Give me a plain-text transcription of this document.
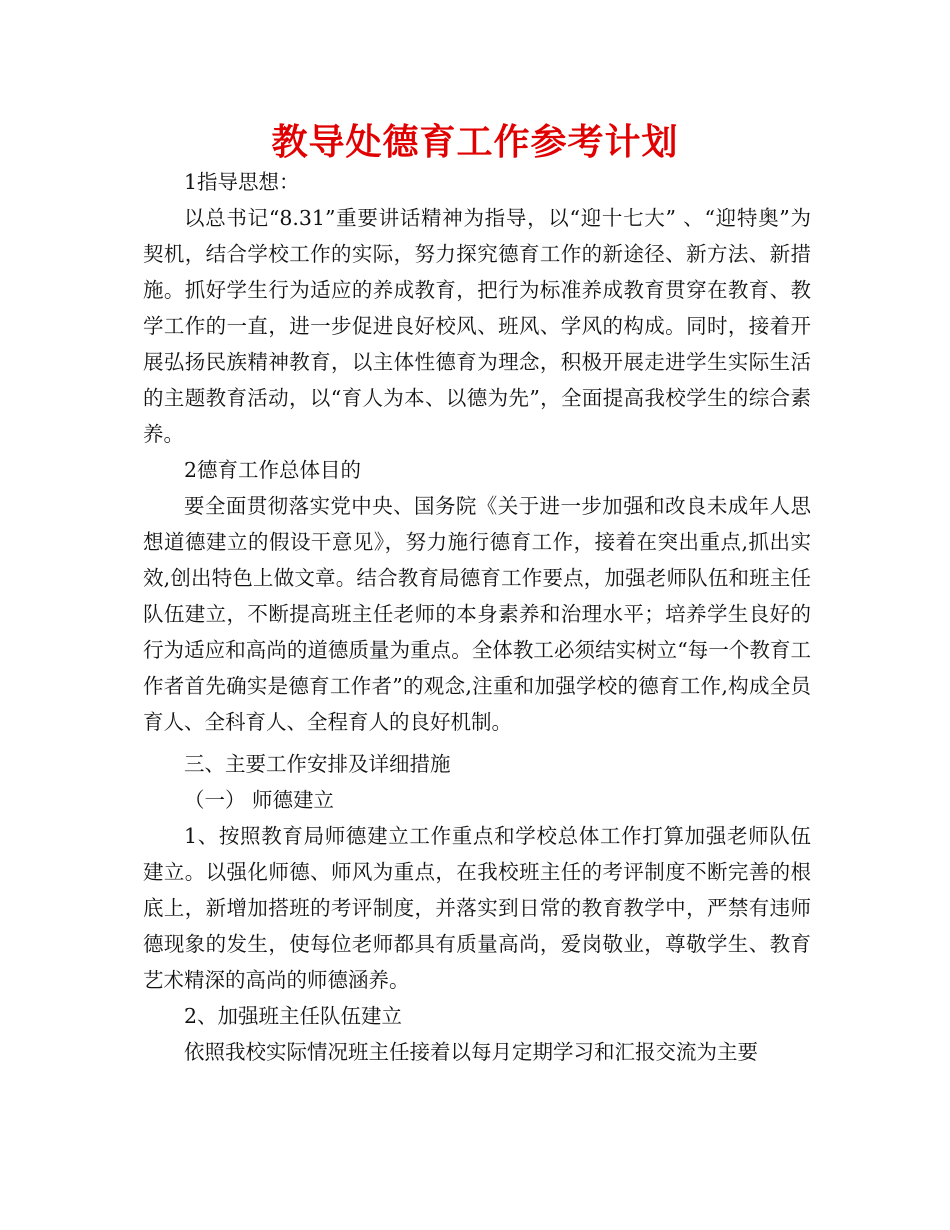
教导处德育工作参考计划

1指导思想：

以总书记“8.31”重要讲话精神为指导，以“迎十七大” 、“迎特奥”为契机，结合学校工作的实际，努力探究德育工作的新途径、新方法、新措施。抓好学生行为适应的养成教育，把行为标准养成教育贯穿在教育、教学工作的一直，进一步促进良好校风、班风、学风的构成。同时，接着开展弘扬民族精神教育，以主体性德育为理念，积极开展走进学生实际生活的主题教育活动，以“育人为本、以德为先”，全面提高我校学生的综合素养。

2德育工作总体目的

要全面贯彻落实党中央、国务院《关于进一步加强和改良未成年人思想道德建立的假设干意见》，努力施行德育工作，接着在突出重点,抓出实效,创出特色上做文章。结合教育局德育工作要点，加强老师队伍和班主任队伍建立，不断提高班主任老师的本身素养和治理水平；培养学生良好的行为适应和高尚的道德质量为重点。全体教工必须结实树立“每一个教育工作者首先确实是德育工作者”的观念,注重和加强学校的德育工作,构成全员育人、全科育人、全程育人的良好机制。

三、主要工作安排及详细措施

（一） 师德建立

1、按照教育局师德建立工作重点和学校总体工作打算加强老师队伍建立。以强化师德、师风为重点，在我校班主任的考评制度不断完善的根底上，新增加搭班的考评制度，并落实到日常的教育教学中，严禁有违师德现象的发生，使每位老师都具有质量高尚，爱岗敬业，尊敬学生、教育艺术精深的高尚的师德涵养。

2、加强班主任队伍建立

依照我校实际情况班主任接着以每月定期学习和汇报交流为主要
